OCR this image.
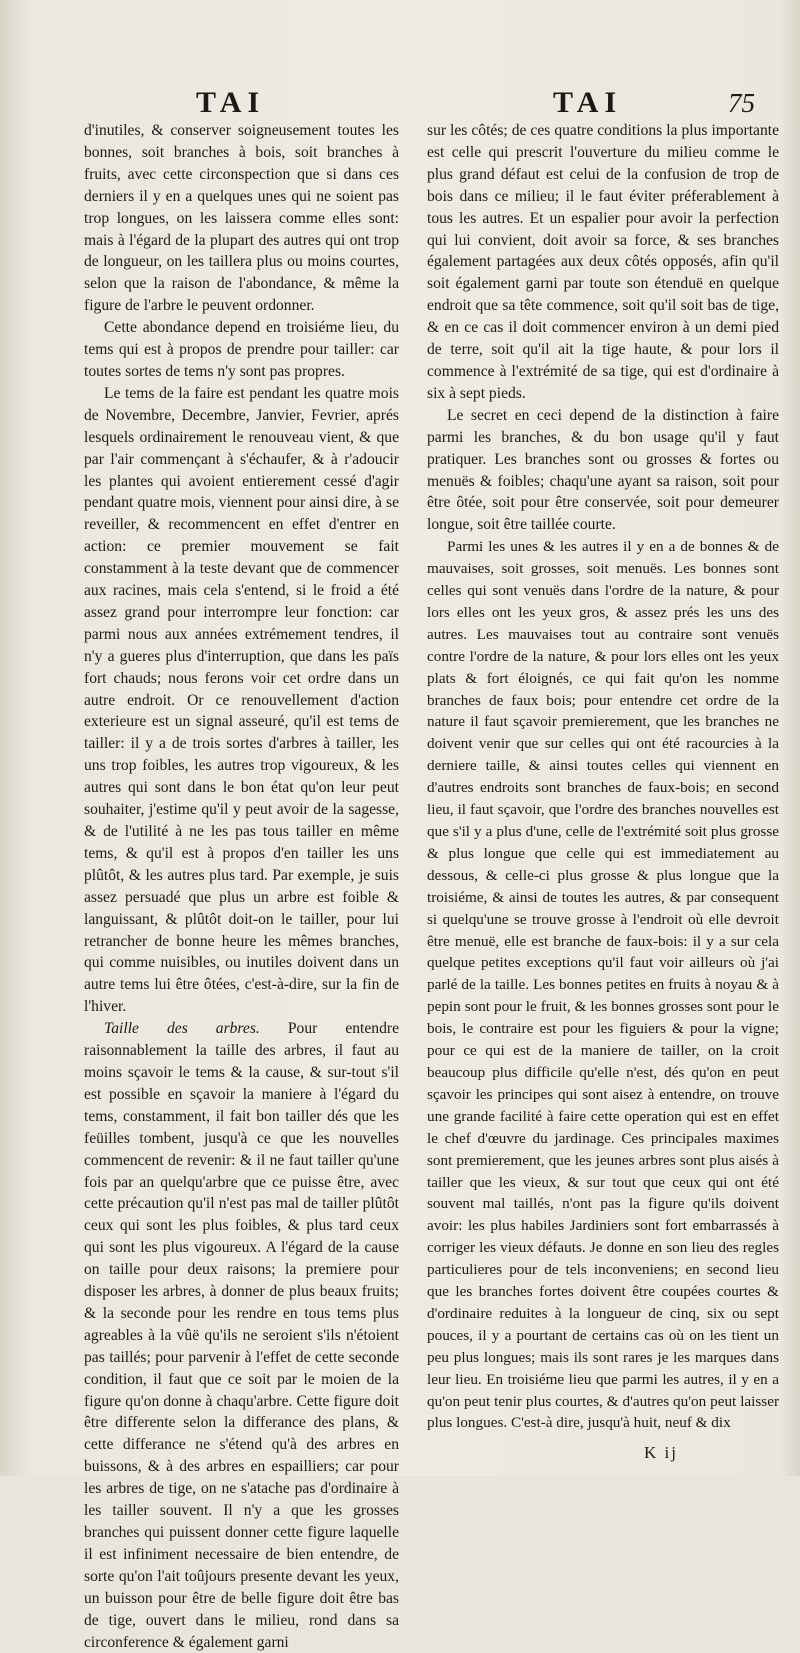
TAI	TAI	75

d'inutiles, & conserver soigneusement toutes les bonnes, soit branches à bois, soit branches à fruits, avec cette circonspection que si dans ces derniers il y en a quelques unes qui ne soient pas trop longues, on les laissera comme elles sont: mais à l'égard de la plupart des autres qui ont trop de longueur, on les taillera plus ou moins courtes, selon que la raison de l'abondance, & même la figure de l'arbre le peuvent ordonner.

Cette abondance depend en troisiéme lieu, du tems qui est à propos de prendre pour tailler: car toutes sortes de tems n'y sont pas propres.

Le tems de la faire est pendant les quatre mois de Novembre, Decembre, Janvier, Fevrier, aprés lesquels ordinairement le renouveau vient, & que par l'air commençant à s'échaufer, & à r'adoucir les plantes qui avoient entierement cessé d'agir pendant quatre mois, viennent pour ainsi dire, à se reveiller, & recommencent en effet d'entrer en action: ce premier mouvement se fait constamment à la teste devant que de commencer aux racines, mais cela s'entend, si le froid a été assez grand pour interrompre leur fonction: car parmi nous aux années extrémement tendres, il n'y a gueres plus d'interruption, que dans les païs fort chauds; nous ferons voir cet ordre dans un autre endroit. Or ce renouvellement d'action exterieure est un signal asseuré, qu'il est tems de tailler: il y a de trois sortes d'arbres à tailler, les uns trop foibles, les autres trop vigoureux, & les autres qui sont dans le bon état qu'on leur peut souhaiter, j'estime qu'il y peut avoir de la sagesse, & de l'utilité à ne les pas tous tailler en même tems, & qu'il est à propos d'en tailler les uns plûtôt, & les autres plus tard. Par exemple, je suis assez persuadé que plus un arbre est foible & languissant, & plûtôt doit-on le tailler, pour lui retrancher de bonne heure les mêmes branches, qui comme nuisibles, ou inutiles doivent dans un autre tems lui être ôtées, c'est-à-dire, sur la fin de l'hiver.

Taille des arbres. Pour entendre raisonnablement la taille des arbres, il faut au moins sçavoir le tems & la cause, & sur-tout s'il est possible en sçavoir la maniere à l'égard du tems, constamment, il fait bon tailler dés que les feüilles tombent, jusqu'à ce que les nouvelles commencent de revenir: & il ne faut tailler qu'une fois par an quelqu'arbre que ce puisse être, avec cette précaution qu'il n'est pas mal de tailler plûtôt ceux qui sont les plus foibles, & plus tard ceux qui sont les plus vigoureux. A l'égard de la cause on taille pour deux raisons; la premiere pour disposer les arbres, à donner de plus beaux fruits; & la seconde pour les rendre en tous tems plus agreables à la vûë qu'ils ne seroient s'ils n'étoient pas taillés; pour parvenir à l'effet de cette seconde condition, il faut que ce soit par le moien de la figure qu'on donne à chaqu'arbre. Cette figure doit être differente selon la differance des plans, & cette differance ne s'étend qu'à des arbres en buissons, & à des arbres en espailliers; car pour les arbres de tige, on ne s'atache pas d'ordinaire à les tailler souvent. Il n'y a que les grosses branches qui puissent donner cette figure laquelle il est infiniment necessaire de bien entendre, de sorte qu'on l'ait toûjours presente devant les yeux, un buisson pour être de belle figure doit être bas de tige, ouvert dans le milieu, rond dans sa circonference & également garni

sur les côtés; de ces quatre conditions la plus importante est celle qui prescrit l'ouverture du milieu comme le plus grand défaut est celui de la confusion de trop de bois dans ce milieu; il le faut éviter préferablement à tous les autres. Et un espalier pour avoir la perfection qui lui convient, doit avoir sa force, & ses branches également partagées aux deux côtés opposés, afin qu'il soit également garni par toute son étenduë en quelque endroit que sa tête commence, soit qu'il soit bas de tige, & en ce cas il doit commencer environ à un demi pied de terre, soit qu'il ait la tige haute, & pour lors il commence à l'extrémité de sa tige, qui est d'ordinaire à six à sept pieds.

Le secret en ceci depend de la distinction à faire parmi les branches, & du bon usage qu'il y faut pratiquer. Les branches sont ou grosses & fortes ou menuës & foibles; chaqu'une ayant sa raison, soit pour être ôtée, soit pour être conservée, soit pour demeurer longue, soit être taillée courte.

Parmi les unes & les autres il y en a de bonnes & de mauvaises, soit grosses, soit menuës. Les bonnes sont celles qui sont venuës dans l'ordre de la nature, & pour lors elles ont les yeux gros, & assez prés les uns des autres. Les mauvaises tout au contraire sont venuës contre l'ordre de la nature, & pour lors elles ont les yeux plats & fort éloignés, ce qui fait qu'on les nomme branches de faux bois; pour entendre cet ordre de la nature il faut sçavoir premierement, que les branches ne doivent venir que sur celles qui ont été racourcies à la derniere taille, & ainsi toutes celles qui viennent en d'autres endroits sont branches de faux-bois; en second lieu, il faut sçavoir, que l'ordre des branches nouvelles est que s'il y a plus d'une, celle de l'extrémité soit plus grosse & plus longue que celle qui est immediatement au dessous, & celle-ci plus grosse & plus longue que la troisiéme, & ainsi de toutes les autres, & par consequent si quelqu'une se trouve grosse à l'endroit où elle devroit être menuë, elle est branche de faux-bois: il y a sur cela quelque petites exceptions qu'il faut voir ailleurs où j'ai parlé de la taille. Les bonnes petites en fruits à noyau & à pepin sont pour le fruit, & les bonnes grosses sont pour le bois, le contraire est pour les figuiers & pour la vigne; pour ce qui est de la maniere de tailler, on la croit beaucoup plus difficile qu'elle n'est, dés qu'on en peut sçavoir les principes qui sont aisez à entendre, on trouve une grande facilité à faire cette operation qui est en effet le chef d'œuvre du jardinage. Ces principales maximes sont premierement, que les jeunes arbres sont plus aisés à tailler que les vieux, & sur tout que ceux qui ont été souvent mal taillés, n'ont pas la figure qu'ils doivent avoir: les plus habiles Jardiniers sont fort embarrassés à corriger les vieux défauts. Je donne en son lieu des regles particulieres pour de tels inconveniens; en second lieu que les branches fortes doivent être coupées courtes & d'ordinaire reduites à la longueur de cinq, six ou sept pouces, il y a pourtant de certains cas où on les tient un peu plus longues; mais ils sont rares je les marques dans leur lieu. En troisiéme lieu que parmi les autres, il y en a qu'on peut tenir plus courtes, & d'autres qu'on peut laisser plus longues. C'est-à dire, jusqu'à huit, neuf & dix

K ij
